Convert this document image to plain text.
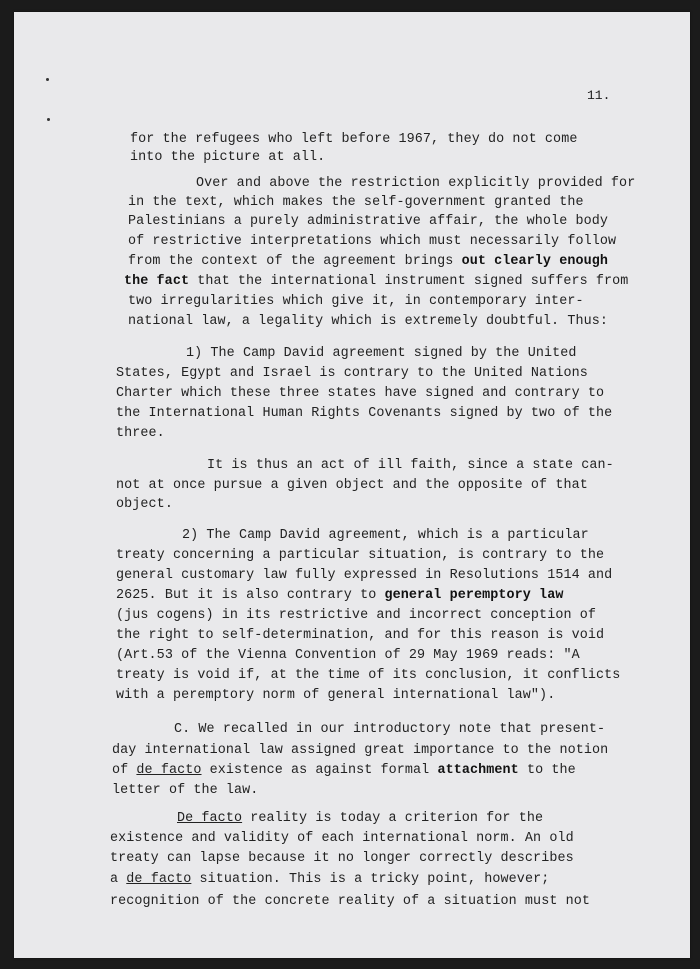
11.
for the refugees who left before 1967, they do not come
into the picture at all.
Over and above the restriction explicitly provided for
in the text, which makes the self-government granted the
Palestinians a purely administrative affair, the whole body
of restrictive interpretations which must necessarily follow
from the context of the agreement brings out clearly enough
the fact that the international instrument signed suffers from
two irregularities which give it, in contemporary inter-
national law, a legality which is extremely doubtful. Thus:
1) The Camp David agreement signed by the United
States, Egypt and Israel is contrary to the United Nations
Charter which these three states have signed and contrary to
the International Human Rights Covenants signed by two of the
three.
It is thus an act of ill faith, since a state can-
not at once pursue a given object and the opposite of that
object.
2) The Camp David agreement, which is a particular
treaty concerning a particular situation, is contrary to the
general customary law fully expressed in Resolutions 1514 and
2625. But it is also contrary to general peremptory law
(jus cogens) in its restrictive and incorrect conception of
the right to self-determination, and for this reason is void
(Art.53 of the Vienna Convention of 29 May 1969 reads: "A
treaty is void if, at the time of its conclusion, it conflicts
with a peremptory norm of general international law").
C. We recalled in our introductory note that present-
day international law assigned great importance to the notion
of de facto existence as against formal attachment to the
letter of the law.
De facto reality is today a criterion for the
existence and validity of each international norm. An old
treaty can lapse because it no longer correctly describes
a de facto situation. This is a tricky point, however;
recognition of the concrete reality of a situation must not
